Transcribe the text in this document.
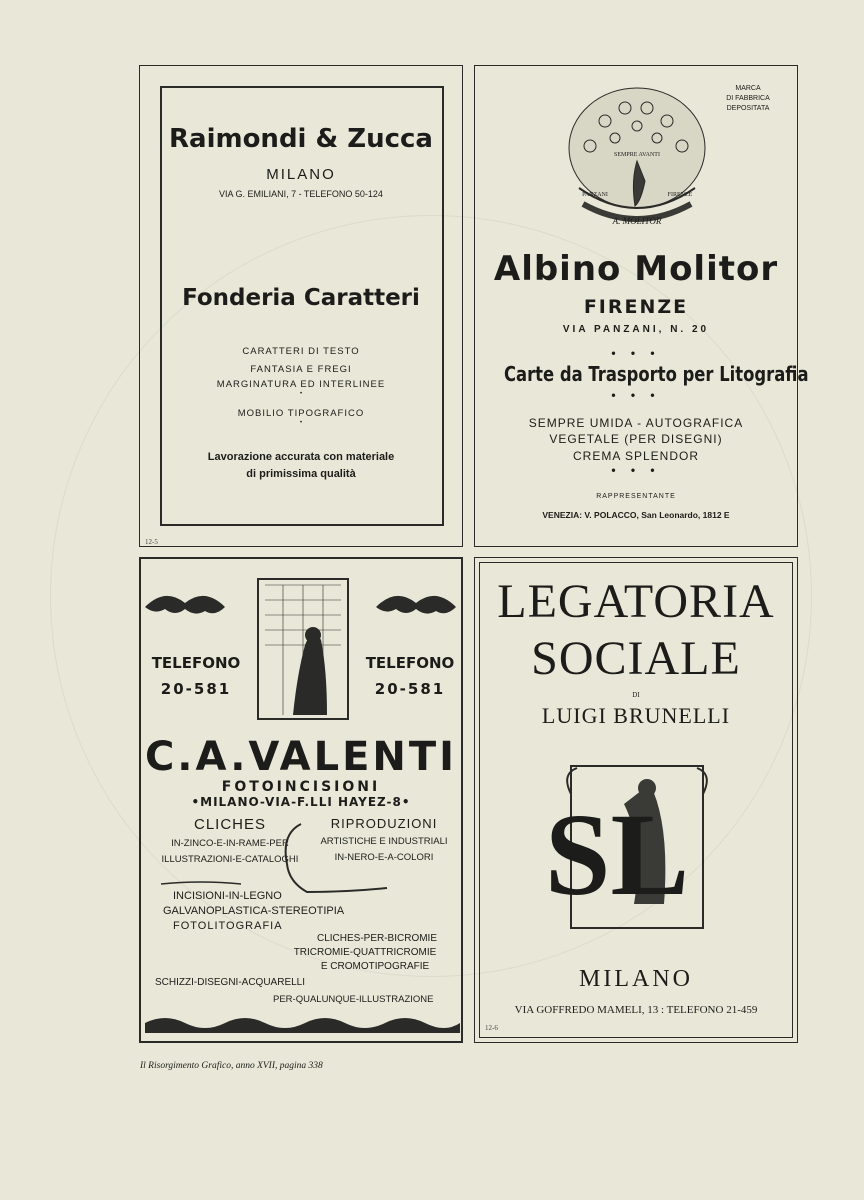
Raimondi & Zucca
MILANO
VIA G. EMILIANI, 7 - TELEFONO 50-124
Fonderia Caratteri
CARATTERI DI TESTO
FANTASIA E FREGI
MARGINATURA ED INTERLINEE
•
MOBILIO TIPOGRAFICO
•
Lavorazione accurata con materiale
di primissima qualità
12-5
MARCA
DI FABBRICA
DEPOSITATA
SEMPRE AVANTI
PANZANI	FIRENZE
A. MOLITOR
Albino Molitor
FIRENZE
VIA PANZANI, N. 20
• • •
Carte da Trasporto per Litografia
• • •
SEMPRE UMIDA - AUTOGRAFICA
VEGETALE (PER DISEGNI)
CREMA SPLENDOR
• • •
RAPPRESENTANTE
VENEZIA: V. POLACCO, San Leonardo, 1812 E
TELEFONO
20-581
TELEFONO
20-581
C.A.VALENTI
FOTOINCISIONI
•MILANO-VIA-F.LLI HAYEZ-8•
CLICHES
IN-ZINCO-E-IN-RAME-PER
ILLUSTRAZIONI-E-CATALOGHI
RIPRODUZIONI
ARTISTICHE E INDUSTRIALI
IN-NERO-E-A-COLORI
INCISIONI-IN-LEGNO
GALVANOPLASTICA-STEREOTIPIA
FOTOLITOGRAFIA
CLICHES-PER-BICROMIE
TRICROMIE-QUATTRICROMIE
E CROMOTIPOGRAFIE
SCHIZZI-DISEGNI-ACQUARELLI
PER-QUALUNQUE-ILLUSTRAZIONE
LEGATORIA
SOCIALE
DI
LUIGI BRUNELLI
SL
MILANO
VIA GOFFREDO MAMELI, 13 : TELEFONO 21-459
12-6
Il Risorgimento Grafico, anno XVII, pagina 338
